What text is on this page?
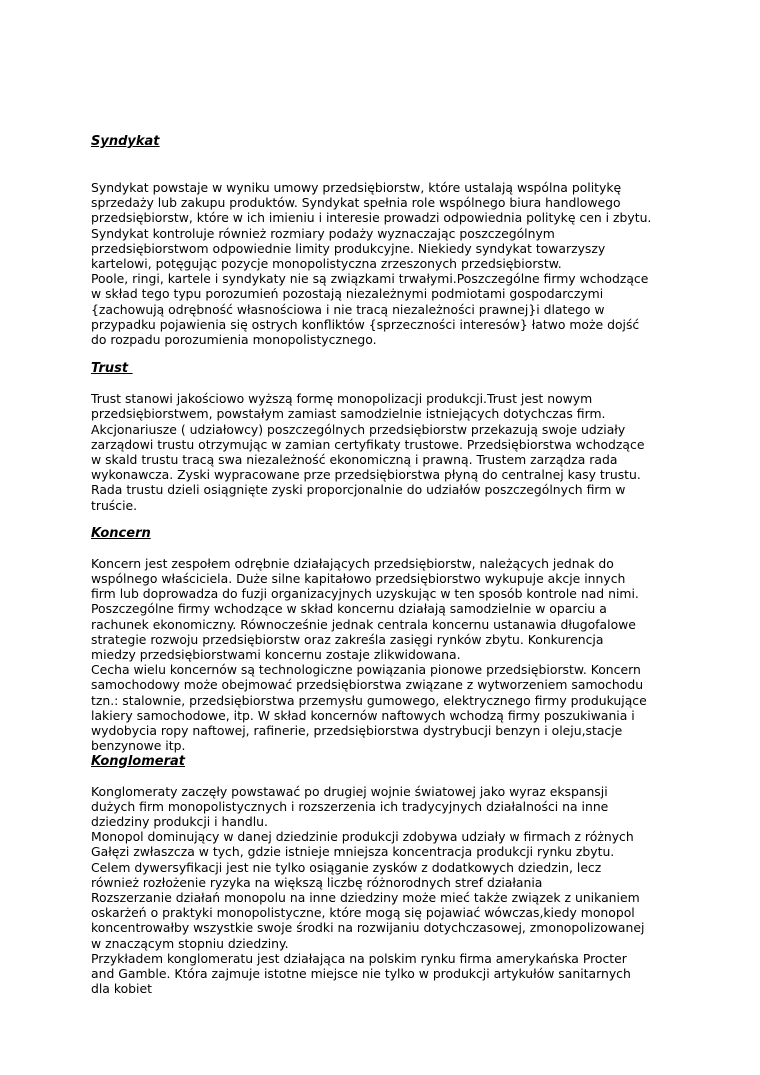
Syndykat

Syndykat powstaje w wyniku umowy przedsiębiorstw, które ustalają wspólna politykę
sprzedaży lub zakupu produktów. Syndykat spełnia role wspólnego biura handlowego
przedsiębiorstw, które w ich imieniu i interesie prowadzi odpowiednia politykę cen i zbytu.
Syndykat kontroluje również rozmiary podaży wyznaczając poszczególnym
przedsiębiorstwom odpowiednie limity produkcyjne. Niekiedy syndykat towarzyszy
kartelowi, potęgując pozycje monopolistyczna zrzeszonych przedsiębiorstw.
Poole, ringi, kartele i syndykaty nie są związkami trwałymi.Poszczególne firmy wchodzące
w skład tego typu porozumień pozostają niezależnymi podmiotami gospodarczymi
{zachowują odrębność własnościowa i nie tracą niezależności prawnej}i dlatego w
przypadku pojawienia się ostrych konfliktów {sprzeczności interesów} łatwo może dojść
do rozpadu porozumienia monopolistycznego.

Trust

Trust stanowi jakościowo wyższą formę monopolizacji produkcji.Trust jest nowym
przedsiębiorstwem, powstałym zamiast samodzielnie istniejących dotychczas firm.
Akcjonariusze ( udziałowcy) poszczególnych przedsiębiorstw przekazują swoje udziały
zarządowi trustu otrzymując w zamian certyfikaty trustowe. Przedsiębiorstwa wchodzące
w skald trustu tracą swa niezależność ekonomiczną i prawną. Trustem zarządza rada
wykonawcza. Zyski wypracowane prze przedsiębiorstwa płyną do centralnej kasy trustu.
Rada trustu dzieli osiągnięte zyski proporcjonalnie do udziałów poszczególnych firm w
truście.

Koncern

Koncern jest zespołem odrębnie działających przedsiębiorstw, należących jednak do
wspólnego właściciela. Duże silne kapitałowo przedsiębiorstwo wykupuje akcje innych
firm lub doprowadza do fuzji organizacyjnych uzyskując w ten sposób kontrole nad nimi.
Poszczególne firmy wchodzące w skład koncernu działają samodzielnie w oparciu a
rachunek ekonomiczny. Równocześnie jednak centrala koncernu ustanawia długofalowe
strategie rozwoju przedsiębiorstw oraz zakreśla zasięgi rynków zbytu. Konkurencja
miedzy przedsiębiorstwami koncernu zostaje zlikwidowana.
Cecha wielu koncernów są technologiczne powiązania pionowe przedsiębiorstw. Koncern
samochodowy może obejmować przedsiębiorstwa związane z wytworzeniem samochodu
tzn.: stalownie, przedsiębiorstwa przemysłu gumowego, elektrycznego firmy produkujące
lakiery samochodowe, itp. W skład koncernów naftowych wchodzą firmy poszukiwania i
wydobycia ropy naftowej, rafinerie, przedsiębiorstwa dystrybucji benzyn i oleju,stacje
benzynowe itp.

Konglomerat

Konglomeraty zaczęły powstawać po drugiej wojnie światowej jako wyraz ekspansji
dużych firm monopolistycznych i rozszerzenia ich tradycyjnych działalności na inne
dziedziny produkcji i handlu.
Monopol dominujący w danej dziedzinie produkcji zdobywa udziały w firmach z różnych
Gałęzi zwłaszcza w tych, gdzie istnieje mniejsza koncentracja produkcji rynku zbytu.
Celem dywersyfikacji jest nie tylko osiąganie zysków z dodatkowych dziedzin, lecz
również rozłożenie ryzyka na większą liczbę różnorodnych stref działania
Rozszerzanie działań monopolu na inne dziedziny może mieć także związek z unikaniem
oskarżeń o praktyki monopolistyczne, które mogą się pojawiać wówczas,kiedy monopol
koncentrowałby wszystkie swoje środki na rozwijaniu dotychczasowej, zmonopolizowanej
w znaczącym stopniu dziedziny.
Przykładem konglomeratu jest działająca na polskim rynku firma amerykańska Procter
and Gamble. Która zajmuje istotne miejsce nie tylko w produkcji artykułów sanitarnych
dla kobiet
